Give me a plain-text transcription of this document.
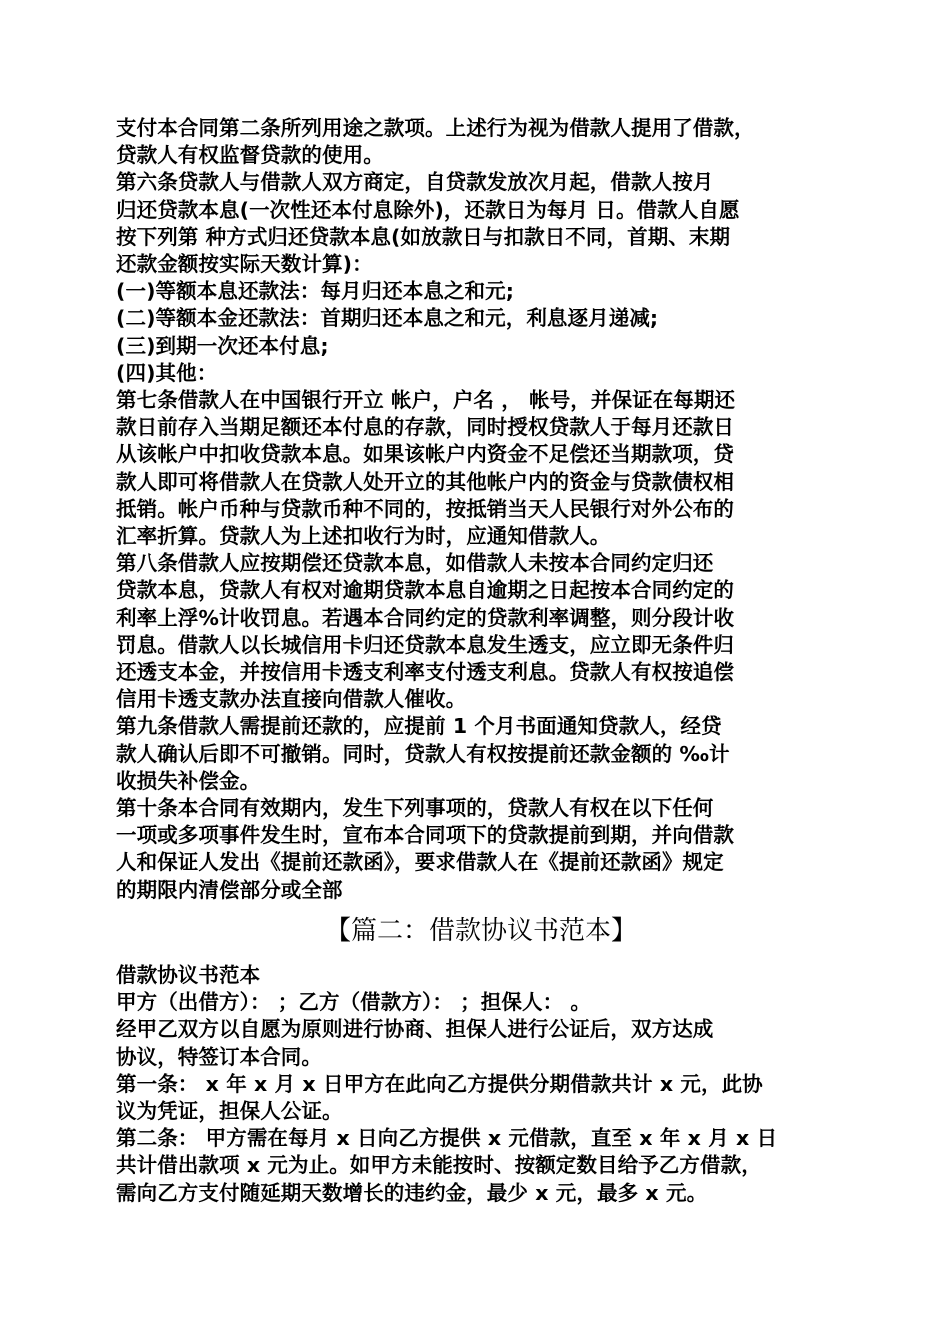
支付本合同第二条所列用途之款项。上述行为视为借款人提用了借款，
贷款人有权监督贷款的使用。
第六条贷款人与借款人双方商定，自贷款发放次月起，借款人按月
归还贷款本息(一次性还本付息除外)，还款日为每月 日。借款人自愿
按下列第 种方式归还贷款本息(如放款日与扣款日不同，首期、末期
还款金额按实际天数计算)：
(一)等额本息还款法：每月归还本息之和元;
(二)等额本金还款法：首期归还本息之和元，利息逐月递减;
(三)到期一次还本付息;
(四)其他：
第七条借款人在中国银行开立 帐户，户名 ， 帐号，并保证在每期还
款日前存入当期足额还本付息的存款，同时授权贷款人于每月还款日
从该帐户中扣收贷款本息。如果该帐户内资金不足偿还当期款项，贷
款人即可将借款人在贷款人处开立的其他帐户内的资金与贷款债权相
抵销。帐户币种与贷款币种不同的，按抵销当天人民银行对外公布的
汇率折算。贷款人为上述扣收行为时，应通知借款人。
第八条借款人应按期偿还贷款本息，如借款人未按本合同约定归还
贷款本息，贷款人有权对逾期贷款本息自逾期之日起按本合同约定的
利率上浮%计收罚息。若遇本合同约定的贷款利率调整，则分段计收
罚息。借款人以长城信用卡归还贷款本息发生透支，应立即无条件归
还透支本金，并按信用卡透支利率支付透支利息。贷款人有权按追偿
信用卡透支款办法直接向借款人催收。
第九条借款人需提前还款的，应提前 1 个月书面通知贷款人，经贷
款人确认后即不可撤销。同时，贷款人有权按提前还款金额的 ‰计
收损失补偿金。
第十条本合同有效期内，发生下列事项的，贷款人有权在以下任何
一项或多项事件发生时，宣布本合同项下的贷款提前到期，并向借款
人和保证人发出《提前还款函》，要求借款人在《提前还款函》规定
的期限内清偿部分或全部
【篇二：借款协议书范本】
借款协议书范本
甲方（出借方）： ；乙方（借款方）： ；担保人： 。
经甲乙双方以自愿为原则进行协商、担保人进行公证后，双方达成
协议，特签订本合同。
第一条： x 年 x 月 x 日甲方在此向乙方提供分期借款共计 x 元，此协
议为凭证，担保人公证。
第二条： 甲方需在每月 x 日向乙方提供 x 元借款，直至 x 年 x 月 x 日
共计借出款项 x 元为止。如甲方未能按时、按额定数目给予乙方借款，
需向乙方支付随延期天数增长的违约金，最少 x 元，最多 x 元。
